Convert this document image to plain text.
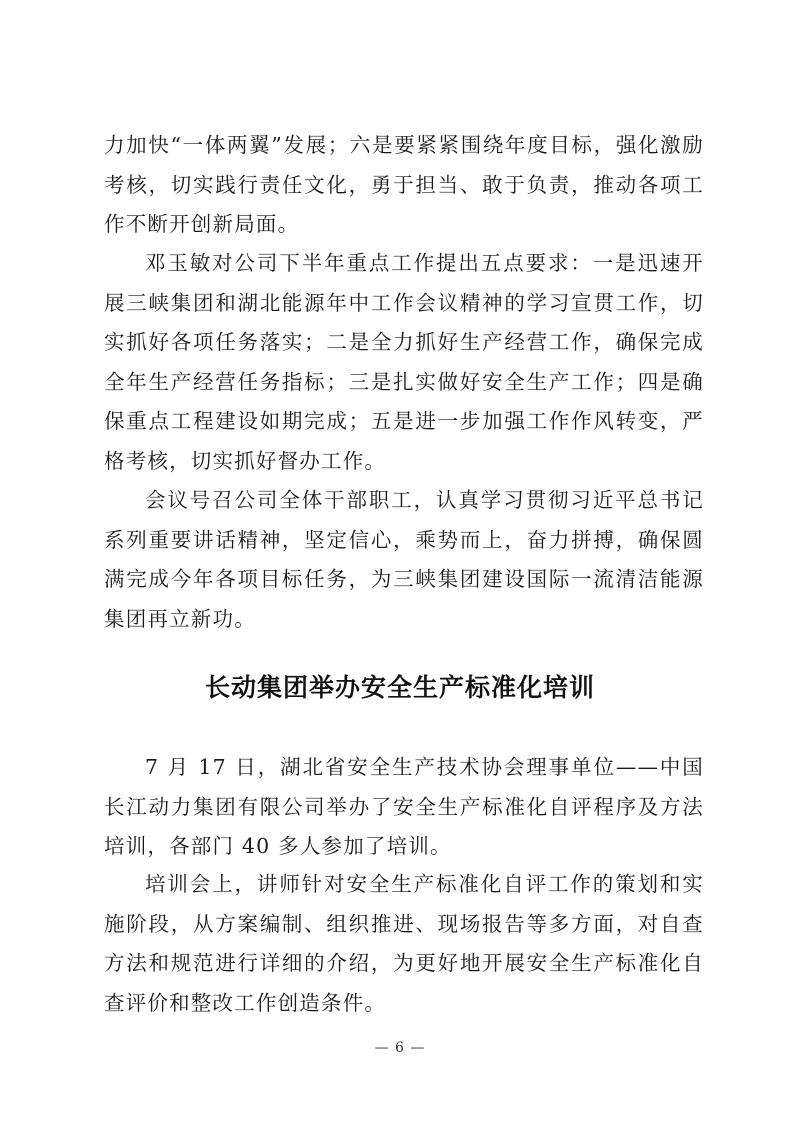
力加快“一体两翼”发展；六是要紧紧围绕年度目标，强化激励考核，切实践行责任文化，勇于担当、敢于负责，推动各项工作不断开创新局面。

邓玉敏对公司下半年重点工作提出五点要求：一是迅速开展三峡集团和湖北能源年中工作会议精神的学习宣贯工作，切实抓好各项任务落实；二是全力抓好生产经营工作，确保完成全年生产经营任务指标；三是扎实做好安全生产工作；四是确保重点工程建设如期完成；五是进一步加强工作作风转变，严格考核，切实抓好督办工作。

会议号召公司全体干部职工，认真学习贯彻习近平总书记系列重要讲话精神，坚定信心，乘势而上，奋力拼搏，确保圆满完成今年各项目标任务，为三峡集团建设国际一流清洁能源集团再立新功。

长动集团举办安全生产标准化培训

7 月 17 日，湖北省安全生产技术协会理事单位——中国长江动力集团有限公司举办了安全生产标准化自评程序及方法培训，各部门 40 多人参加了培训。

培训会上，讲师针对安全生产标准化自评工作的策划和实施阶段，从方案编制、组织推进、现场报告等多方面，对自查方法和规范进行详细的介绍，为更好地开展安全生产标准化自查评价和整改工作创造条件。

— 6 —
